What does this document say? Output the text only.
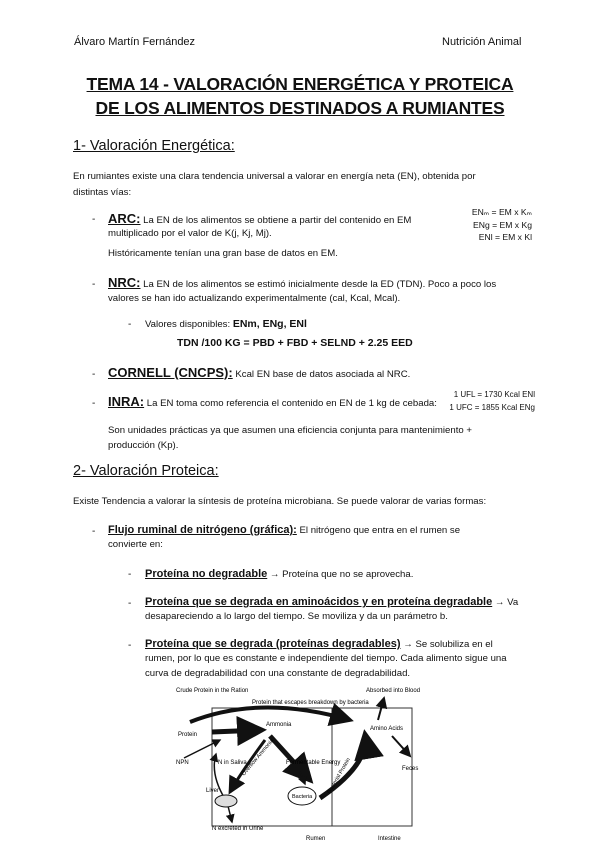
Álvaro Martín Fernández	Nutrición Animal
TEMA 14 - VALORACIÓN ENERGÉTICA Y PROTEICA
DE LOS ALIMENTOS DESTINADOS A RUMIANTES
1- Valoración Energética:
En rumiantes existe una clara tendencia universal a valorar en energía neta (EN), obtenida por
distintas vías:
- ARC: La EN de los alimentos se obtiene a partir del contenido en EM
multiplicado por el valor de K(j, Kj, Mj).
Históricamente tenían una gran base de datos en EM.
ENₘ = EM x Kₘ
ENg = EM x Kg
ENl = EM x Kl
- NRC: La EN de los alimentos se estimó inicialmente desde la ED (TDN). Poco a poco los
valores se han ido actualizando experimentalmente (cal, Kcal, Mcal).
- Valores disponibles: ENm, ENg, ENl
TDN /100 KG = PBD + FBD + SELND + 2.25 EED
- CORNELL (CNCPS): Kcal EN base de datos asociada al NRC.
- INRA: La EN toma como referencia el contenido en EN de 1 kg de cebada:
1 UFL = 1730 Kcal ENl
1 UFC = 1855 Kcal ENg
Son unidades prácticas ya que asumen una eficiencia conjunta para mantenimiento +
producción (Kp).
2- Valoración Proteica:
Existe Tendencia a valorar la síntesis de proteína microbiana. Se puede valorar de varias formas:
- Flujo ruminal de nitrógeno (gráfica): El nitrógeno que entra en el rumen se
convierte en:
- Proteína no degradable → Proteína que no se aprovecha.
- Proteína que se degrada en aminoácidos y en proteína degradable → Va
desapareciendo a lo largo del tiempo. Se moviliza y da un parámetro b.
- Proteína que se degrada (proteínas degradables) → Se solubiliza en el
rumen, por lo que es constante e independiente del tiempo. Cada alimento sigue una
curva de degradabilidad con una constante de degradabilidad.
Crude Protein in the Ration
Protein that escapes breakdown by bacteria
Absorbed into Blood
Protein
Ammonia
Amino Acids
NPN	N in Saliva	Fermentable Energy
Bacteria
Bacterial Protein
Overflow Ammonia	Feces
Liver
N excreted in Urine
Rumen	Intestine
